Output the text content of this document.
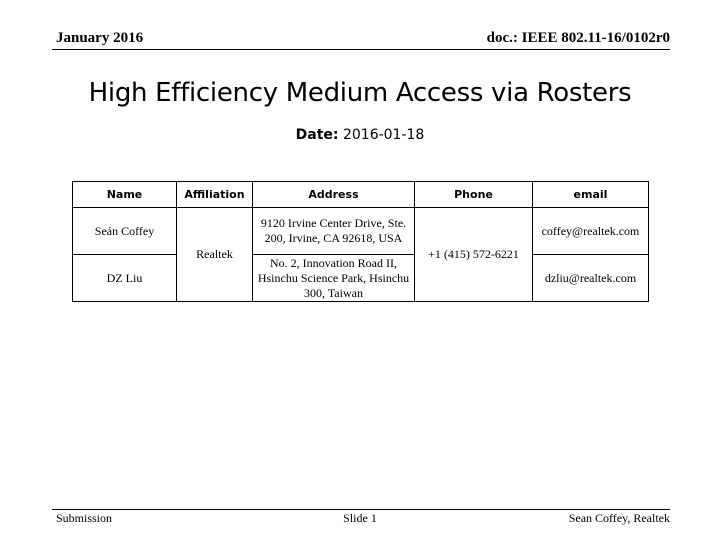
January 2016	doc.: IEEE 802.11-16/0102r0
High Efficiency Medium Access via Rosters
Date: 2016-01-18
Name	Affiliation	Address	Phone	email
Seán Coffey	Realtek	9120 Irvine Center Drive, Ste. 200, Irvine, CA 92618, USA	+1 (415) 572-6221	coffey@realtek.com
DZ Liu		No. 2, Innovation Road II, Hsinchu Science Park, Hsinchu 300, Taiwan		dzliu@realtek.com
Submission	Slide 1	Sean Coffey, Realtek
